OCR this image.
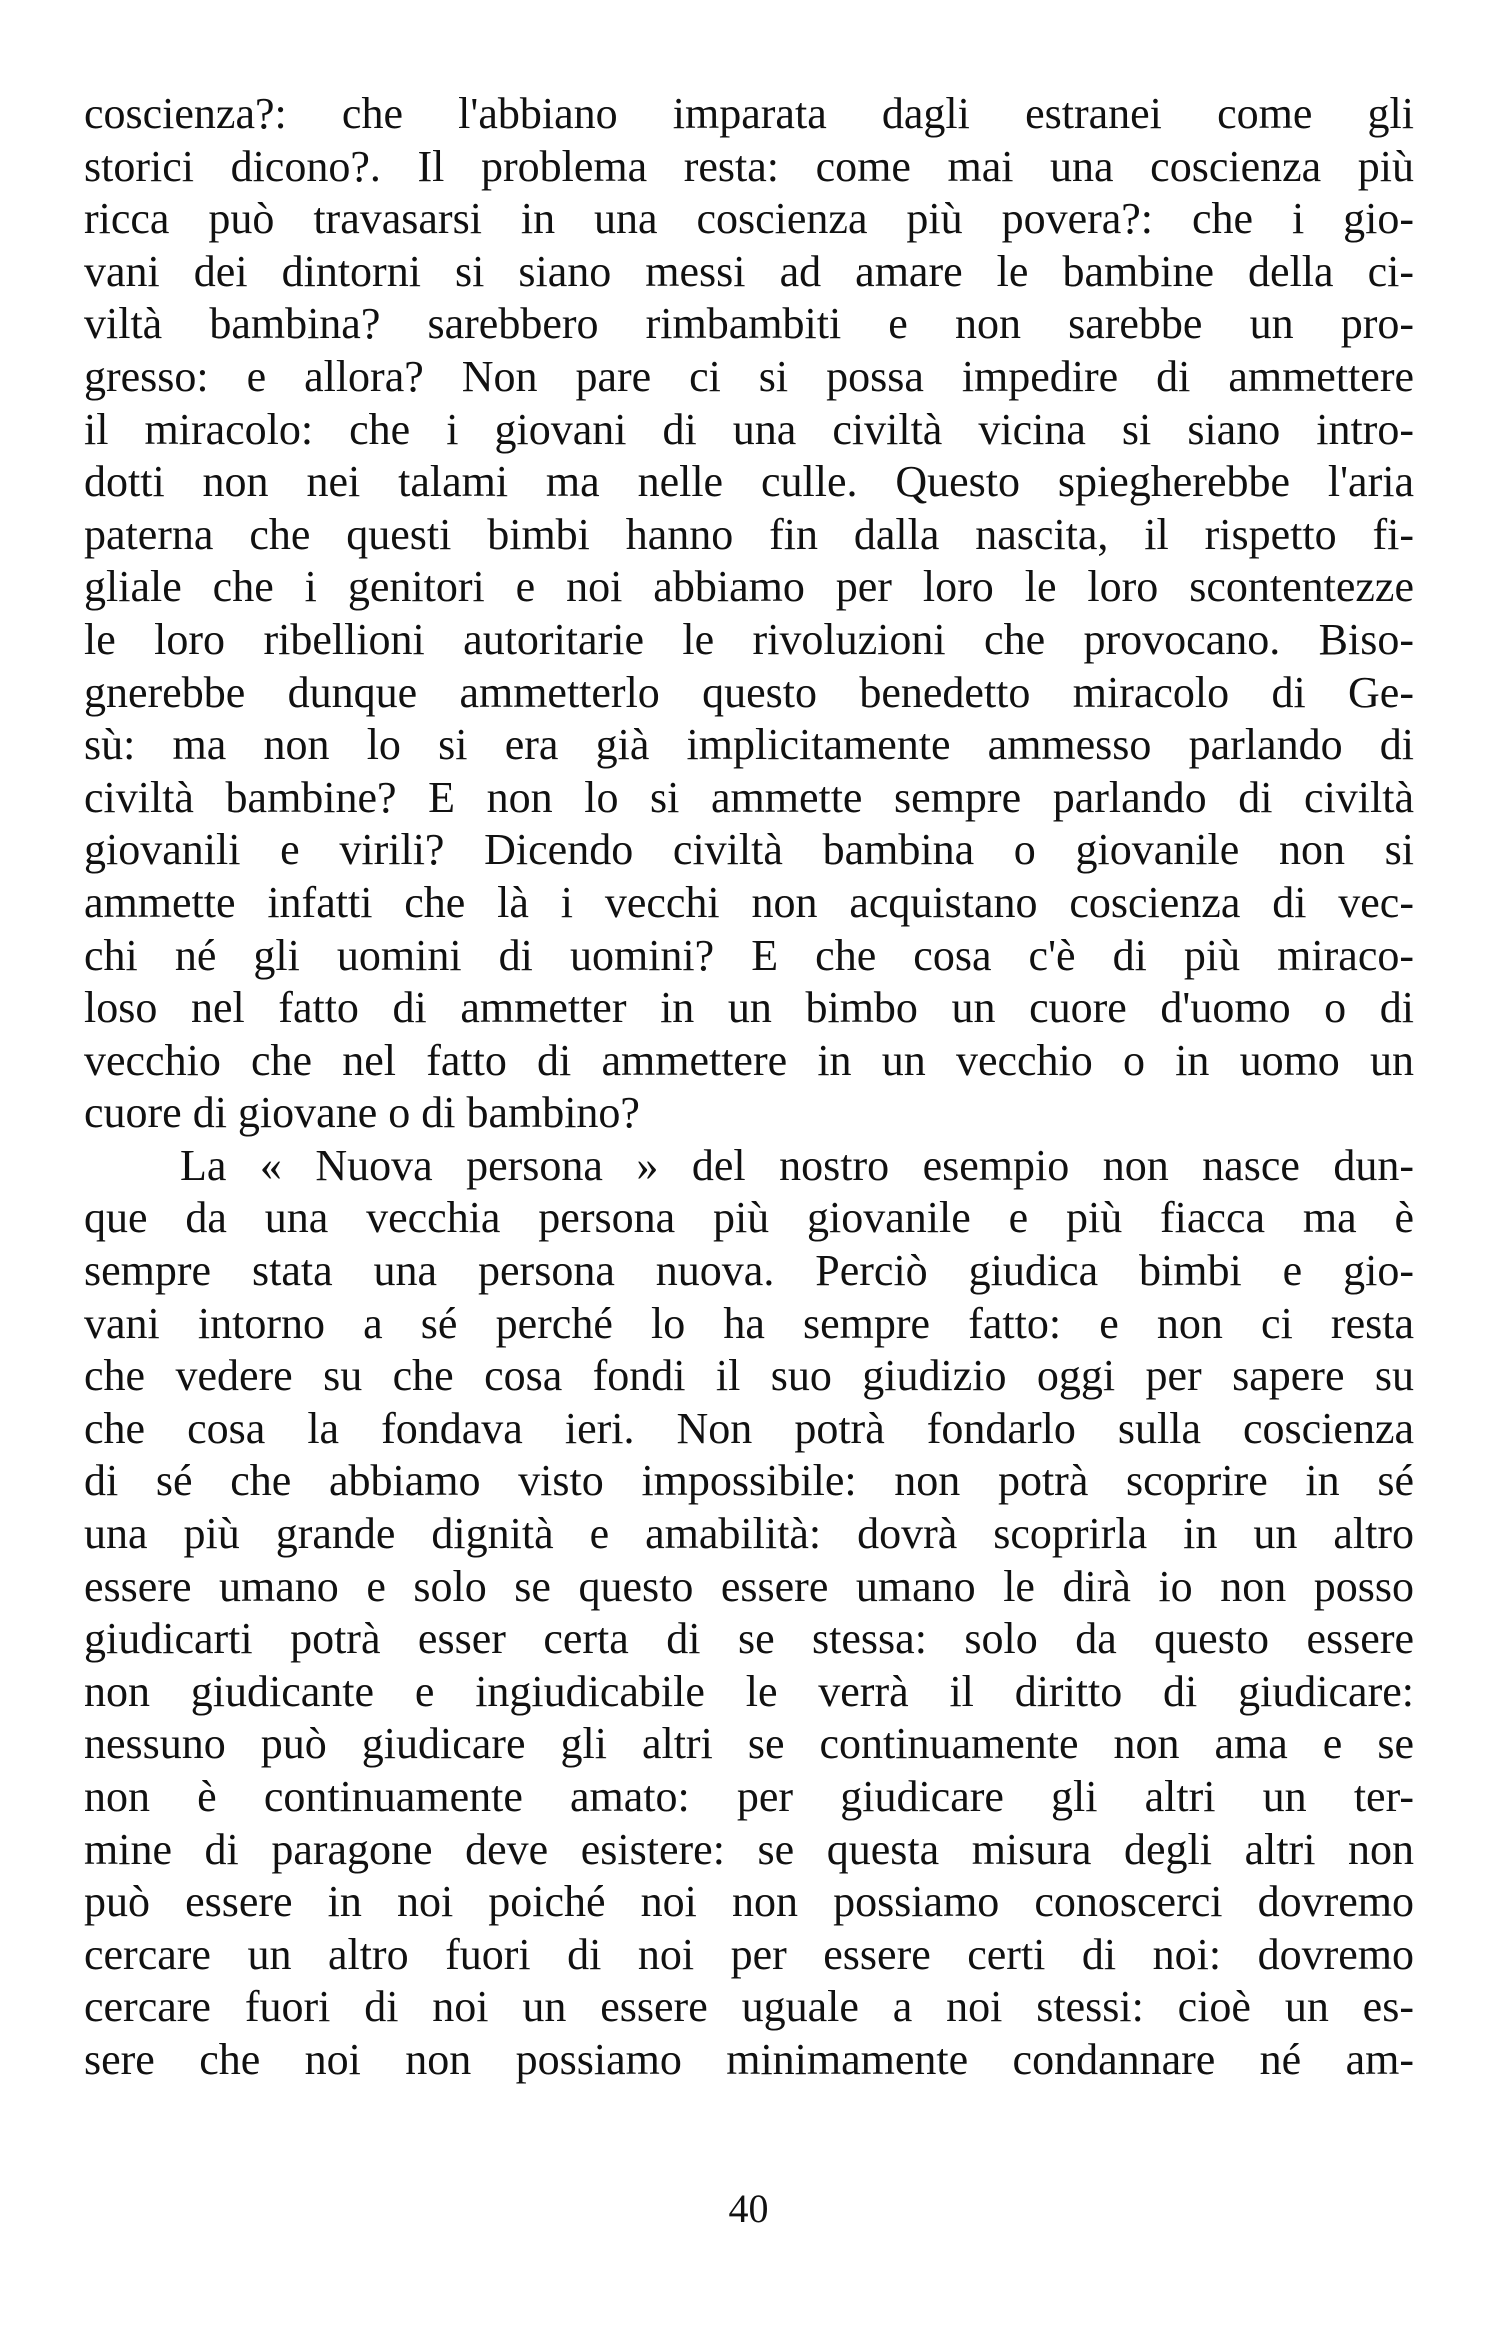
coscienza?: che l'abbiano imparata dagli estranei come gli
storici dicono?. Il problema resta: come mai una coscienza più
ricca può travasarsi in una coscienza più povera?: che i gio-
vani dei dintorni si siano messi ad amare le bambine della ci-
viltà bambina? sarebbero rimbambiti e non sarebbe un pro-
gresso: e allora? Non pare ci si possa impedire di ammettere
il miracolo: che i giovani di una civiltà vicina si siano intro-
dotti non nei talami ma nelle culle. Questo spiegherebbe l'aria
paterna che questi bimbi hanno fin dalla nascita, il rispetto fi-
gliale che i genitori e noi abbiamo per loro le loro scontentezze
le loro ribellioni autoritarie le rivoluzioni che provocano. Biso-
gnerebbe dunque ammetterlo questo benedetto miracolo di Ge-
sù: ma non lo si era già implicitamente ammesso parlando di
civiltà bambine? E non lo si ammette sempre parlando di civiltà
giovanili e virili? Dicendo civiltà bambina o giovanile non si
ammette infatti che là i vecchi non acquistano coscienza di vec-
chi né gli uomini di uomini? E che cosa c'è di più miraco-
loso nel fatto di ammetter in un bimbo un cuore d'uomo o di
vecchio che nel fatto di ammettere in un vecchio o in uomo un
cuore di giovane o di bambino?
La « Nuova persona » del nostro esempio non nasce dun-
que da una vecchia persona più giovanile e più fiacca ma è
sempre stata una persona nuova. Perciò giudica bimbi e gio-
vani intorno a sé perché lo ha sempre fatto: e non ci resta
che vedere su che cosa fondi il suo giudizio oggi per sapere su
che cosa la fondava ieri. Non potrà fondarlo sulla coscienza
di sé che abbiamo visto impossibile: non potrà scoprire in sé
una più grande dignità e amabilità: dovrà scoprirla in un altro
essere umano e solo se questo essere umano le dirà io non posso
giudicarti potrà esser certa di se stessa: solo da questo essere
non giudicante e ingiudicabile le verrà il diritto di giudicare:
nessuno può giudicare gli altri se continuamente non ama e se
non è continuamente amato: per giudicare gli altri un ter-
mine di paragone deve esistere: se questa misura degli altri non
può essere in noi poiché noi non possiamo conoscerci dovremo
cercare un altro fuori di noi per essere certi di noi: dovremo
cercare fuori di noi un essere uguale a noi stessi: cioè un es-
sere che noi non possiamo minimamente condannare né am-
40
